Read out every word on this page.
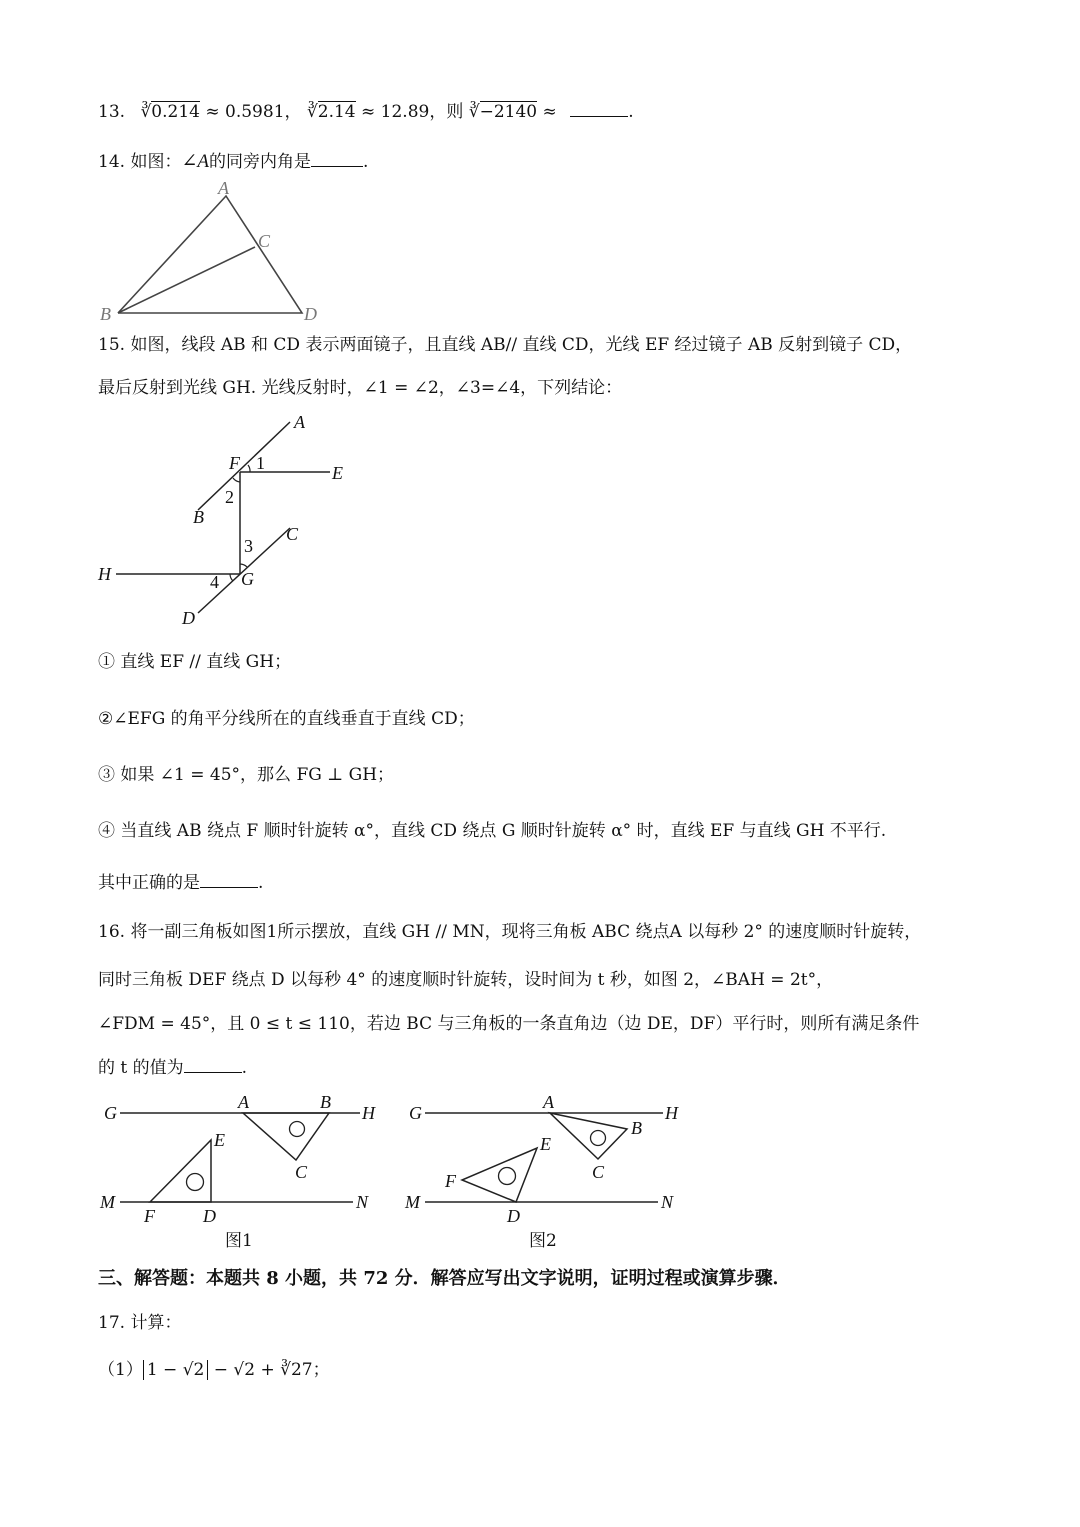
13. ∛0.214 ≈ 0.5981， ∛2.14 ≈ 12.89，则 ∛−2140 ≈	.
14. 如图：∠A的同旁内角是	.
A
C
B	D
15. 如图，线段 AB 和 CD 表示两面镜子，且直线 AB// 直线 CD，光线 EF 经过镜子 AB 反射到镜子 CD，
最后反射到光线 GH. 光线反射时，∠1 = ∠2，∠3=∠4，下列结论：
A
E
F 1
2
B
C
3
H	4 G
D
① 直线 EF // 直线 GH；
②∠EFG 的角平分线所在的直线垂直于直线 CD；
③ 如果 ∠1 = 45°，那么 FG ⊥ GH；
④ 当直线 AB 绕点 F 顺时针旋转 α°，直线 CD 绕点 G 顺时针旋转 α° 时，直线 EF 与直线 GH 不平行.
其中正确的是	.
16. 将一副三角板如图1所示摆放，直线 GH // MN，现将三角板 ABC 绕点A 以每秒 2° 的速度顺时针旋转，
同时三角板 DEF 绕点 D 以每秒 4° 的速度顺时针旋转，设时间为 t 秒，如图 2，∠BAH = 2t°，
∠FDM = 45°，且 0 ≤ t ≤ 110，若边 BC 与三角板的一条直角边（边 DE，DF）平行时，则所有满足条件
的 t 的值为	.
G	H
A	B
C
E
M	N
F	D
图1
G	H
A
B
C
E
F
M	N
D
图2
三、解答题：本题共 8 小题，共 72 分．解答应写出文字说明，证明过程或演算步骤．
17. 计算：
（1） 1 − √2 − √2 + ∛27；
